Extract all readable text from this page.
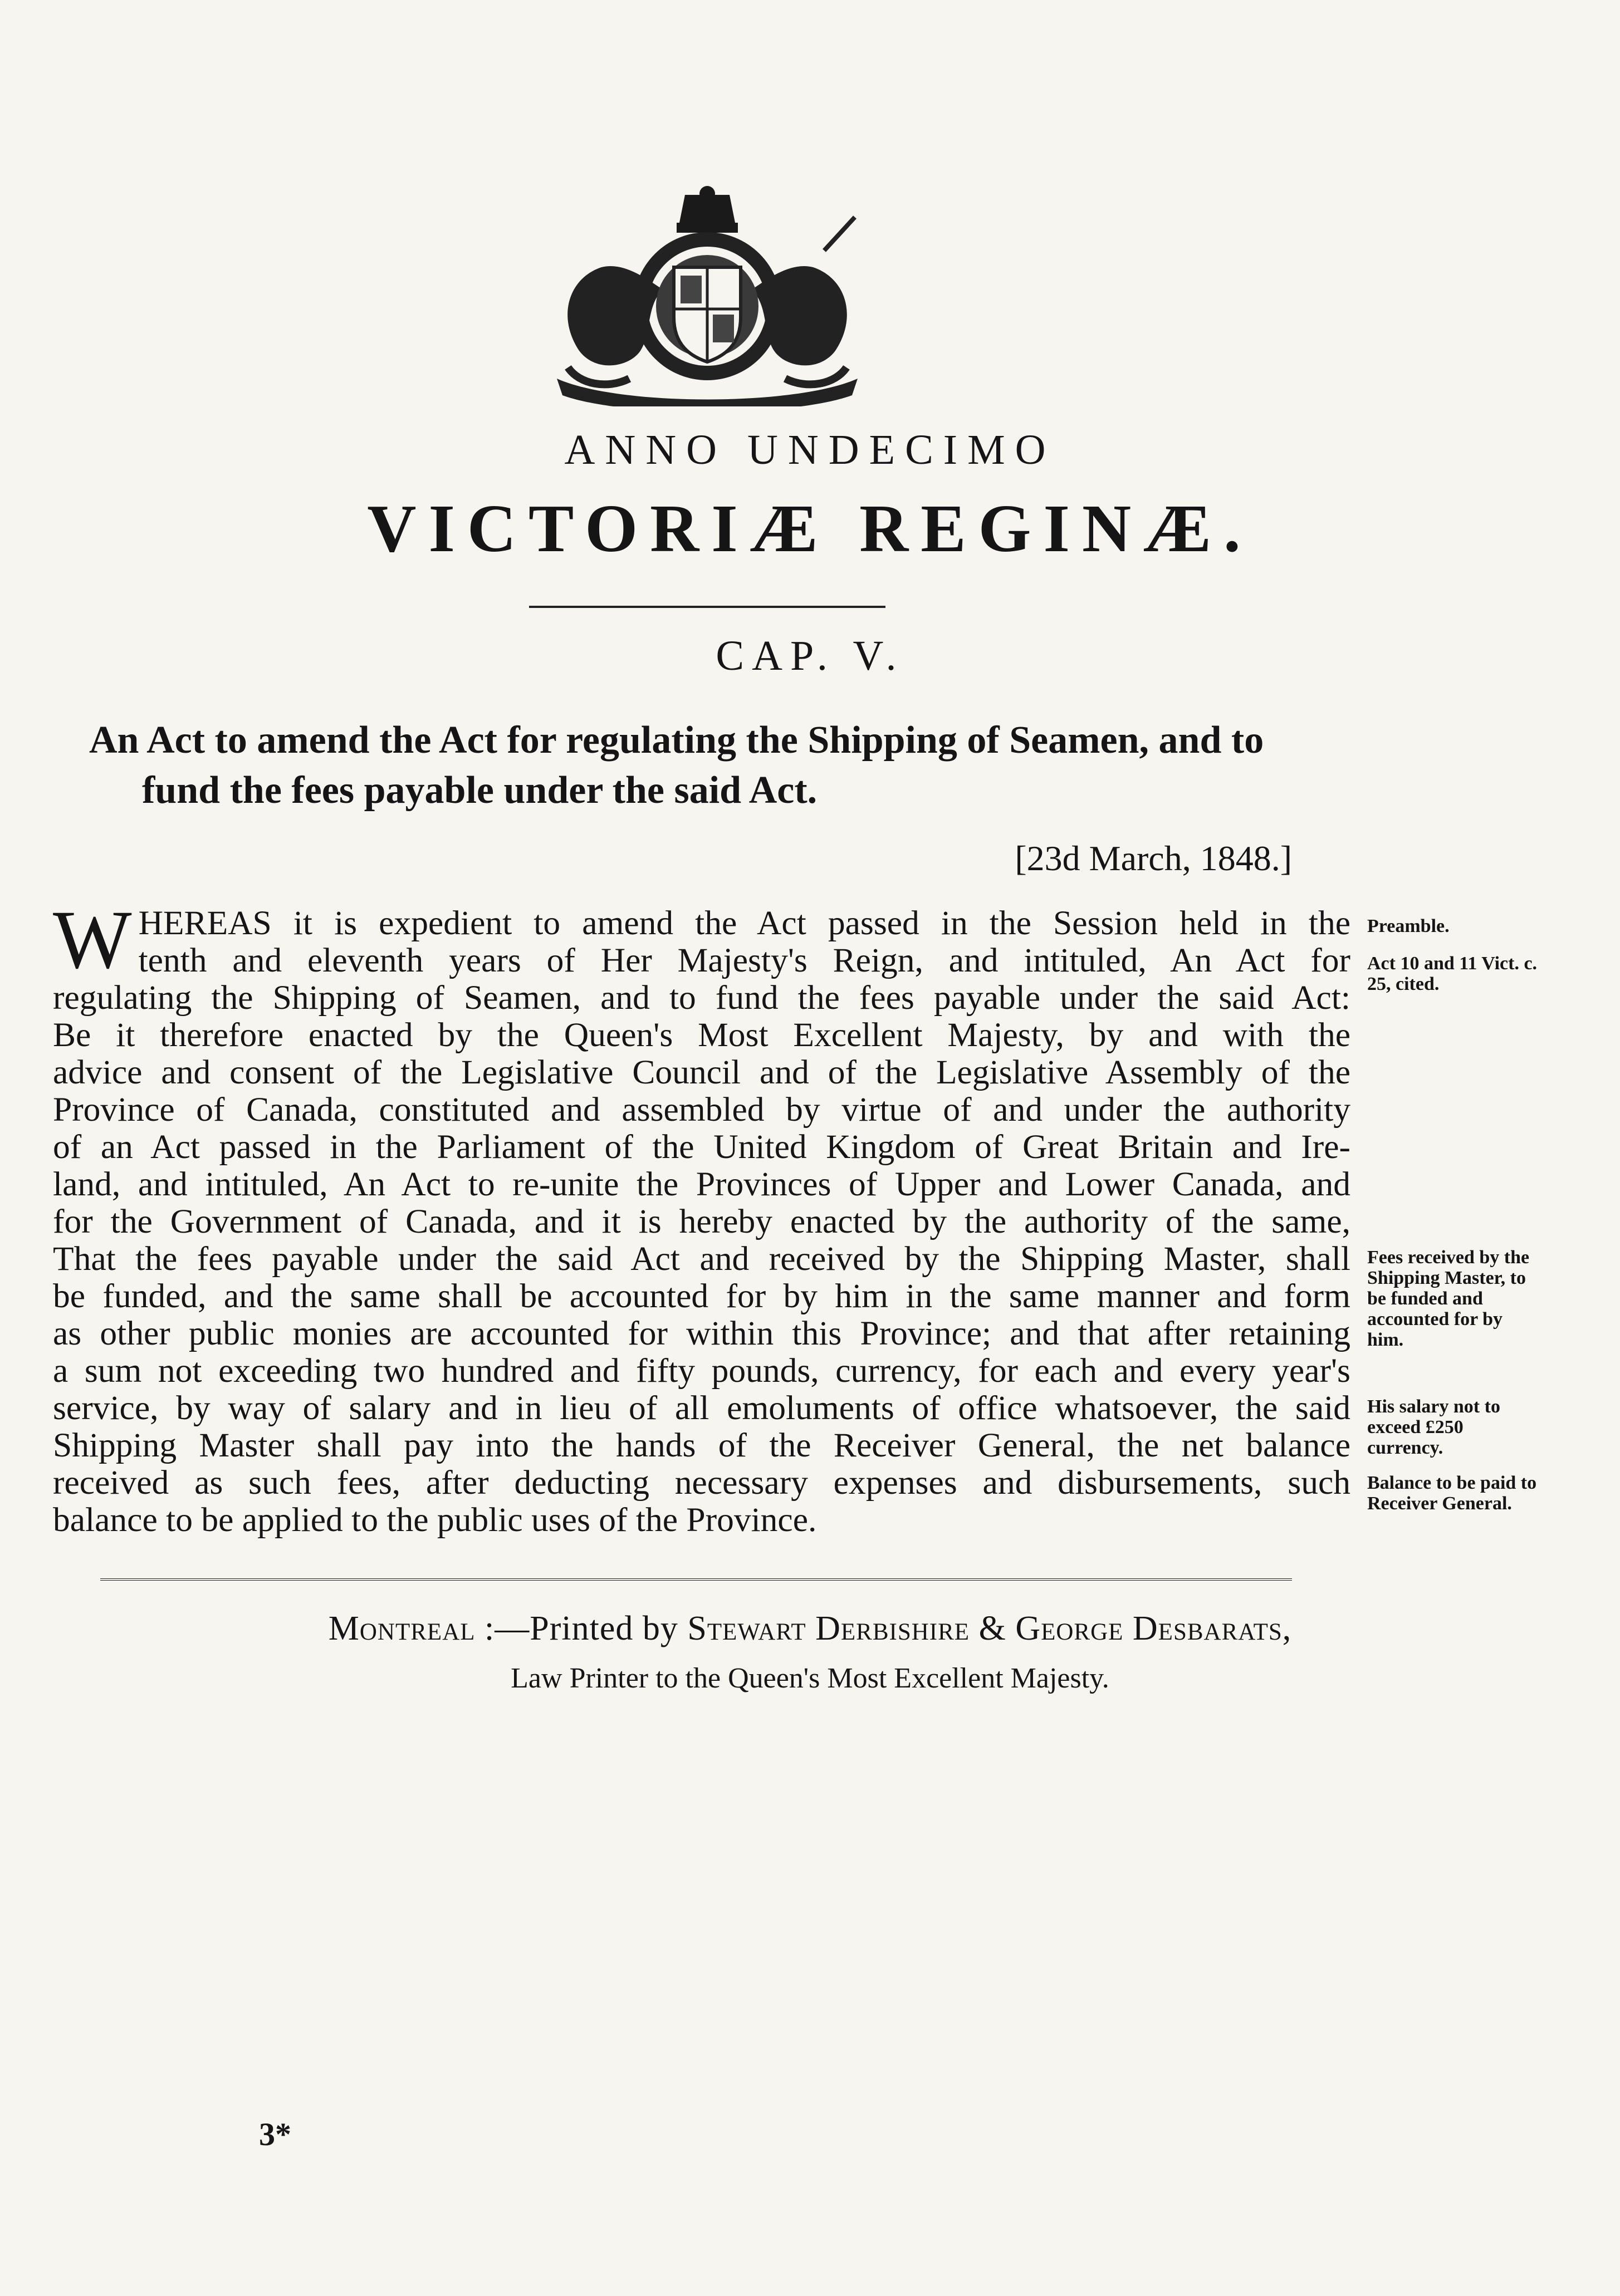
ANNO UNDECIMO
VICTORIÆ REGINÆ.
CAP. V.
An Act to amend the Act for regulating the Shipping of Seamen, and to
fund the fees payable under the said Act.
[23d March, 1848.]
W HEREAS it is expedient to amend the Act passed in the Session held in the
tenth and eleventh years of Her Majesty's Reign, and intituled, An Act for
regulating the Shipping of Seamen, and to fund the fees payable under the said Act:
Be it therefore enacted by the Queen's Most Excellent Majesty, by and with the
advice and consent of the Legislative Council and of the Legislative Assembly of the
Province of Canada, constituted and assembled by virtue of and under the authority
of an Act passed in the Parliament of the United Kingdom of Great Britain and Ire-
land, and intituled, An Act to re-unite the Provinces of Upper and Lower Canada, and
for the Government of Canada, and it is hereby enacted by the authority of the same,
That the fees payable under the said Act and received by the Shipping Master, shall
be funded, and the same shall be accounted for by him in the same manner and form
as other public monies are accounted for within this Province; and that after retaining
a sum not exceeding two hundred and fifty pounds, currency, for each and every year's
service, by way of salary and in lieu of all emoluments of office whatsoever, the said
Shipping Master shall pay into the hands of the Receiver General, the net balance
received as such fees, after deducting necessary expenses and disbursements, such
balance to be applied to the public uses of the Province.
Preamble.
Act 10 and 11 Vict. c. 25, cited.
Fees received by the Shipping Master, to be funded and accounted for by him.
His salary not to exceed £250 currency.
Balance to be paid to Receiver General.
Montreal :—Printed by Stewart Derbishire & George Desbarats,
Law Printer to the Queen's Most Excellent Majesty.
3*
